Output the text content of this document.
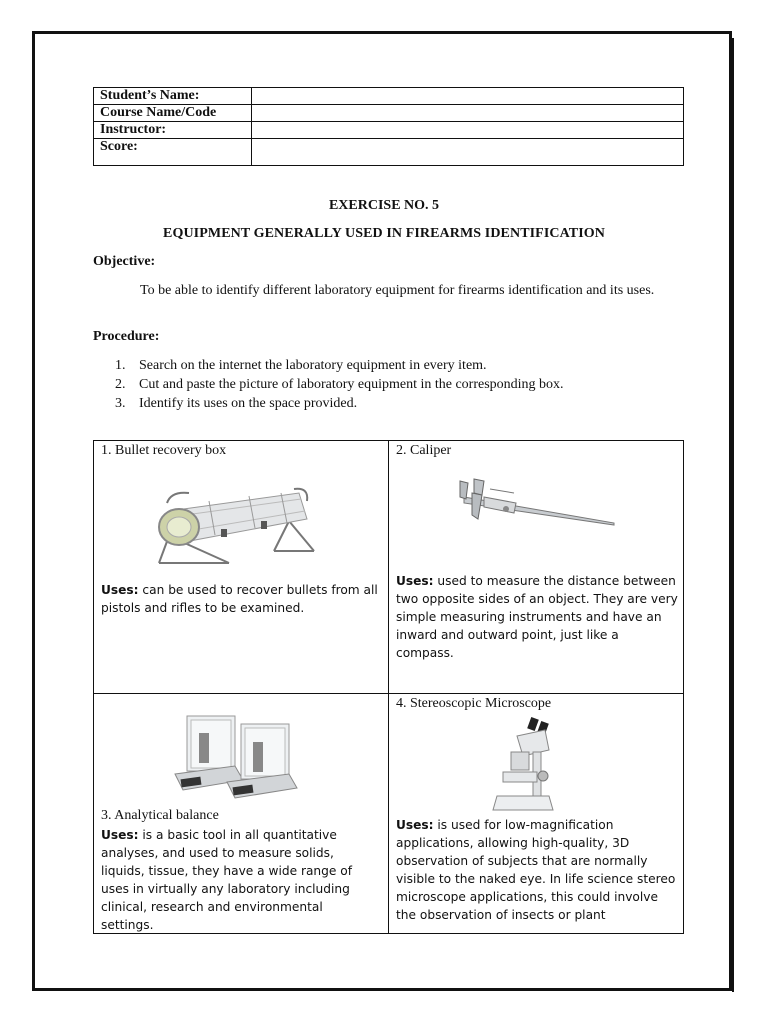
Student’s Name:	
Course Name/Code	
Instructor:	
Score:	
EXERCISE NO. 5
EQUIPMENT GENERALLY USED IN FIREARMS IDENTIFICATION
Objective:
To be able to identify different laboratory equipment for firearms identification and its uses.
Procedure:
1. Search on the internet the laboratory equipment in every item.
2. Cut and paste the picture of laboratory equipment in the corresponding box.
3. Identify its uses on the space provided.
1. Bullet recovery box
Uses: can be used to recover bullets from all pistols and rifles to be examined.
2. Caliper
Uses: used to measure the distance between two opposite sides of an object. They are very simple measuring instruments and have an inward and outward point, just like a compass.
3. Analytical balance
Uses: is a basic tool in all quantitative analyses, and used to measure solids, liquids, tissue, they have a wide range of uses in virtually any laboratory including clinical, research and environmental settings.
4. Stereoscopic Microscope
Uses: is used for low-magnification applications, allowing high-quality, 3D observation of subjects that are normally visible to the naked eye. In life science stereo microscope applications, this could involve the observation of insects or plant
